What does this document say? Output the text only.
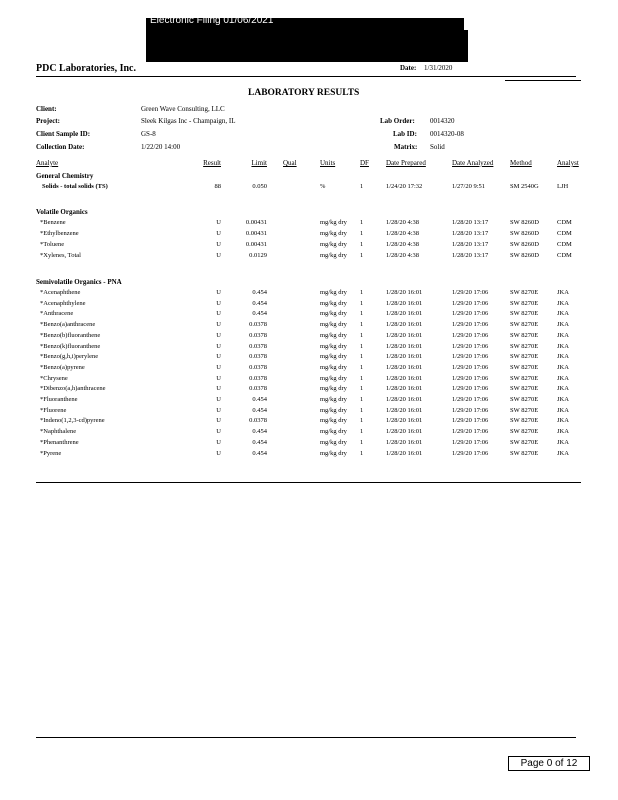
Electronic Filing 01/06/2021
PDC Laboratories, Inc.	Date: 1/31/2020
LABORATORY RESULTS
Client:	Green Wave Consulting, LLC
Project:	Sleek Kilgas Inc - Champaign, IL
Client Sample ID:	GS-8
Collection Date:	1/22/20 14:00
Lab Order: 0014320
Lab ID: 0014320-08
Matrix: Solid
Analyte	Result	Limit Qual	Units	DF Date Prepared	Date Analyzed Method	Analyst
General Chemistry
Solids - total solids (TS)	88	0.050	%	1	1/24/20 17:32	1/27/20 9:51	SM 2540G	LJH
Volatile Organics
*Benzene	U	0.00431	mg/kg dry 1	1/28/20 4:38	1/28/20 13:17	SW 8260D	CDM
*Ethylbenzene	U	0.00431	mg/kg dry 1	1/28/20 4:38	1/28/20 13:17	SW 8260D	CDM
*Toluene	U	0.00431	mg/kg dry 1	1/28/20 4:38	1/28/20 13:17	SW 8260D	CDM
*Xylenes, Total	U	0.0129	mg/kg dry 1	1/28/20 4:38	1/28/20 13:17	SW 8260D	CDM
Semivolatile Organics - PNA
*Acenaphthene	U	0.454	mg/kg dry 1	1/28/20 16:01	1/29/20 17:06	SW 8270E	JKA
*Acenaphthylene	U	0.454	mg/kg dry 1	1/28/20 16:01	1/29/20 17:06	SW 8270E	JKA
*Anthracene	U	0.454	mg/kg dry 1	1/28/20 16:01	1/29/20 17:06	SW 8270E	JKA
*Benzo(a)anthracene	U	0.0378	mg/kg dry 1	1/28/20 16:01	1/29/20 17:06	SW 8270E	JKA
*Benzo(b)fluoranthene	U	0.0378	mg/kg dry 1	1/28/20 16:01	1/29/20 17:06	SW 8270E	JKA
*Benzo(k)fluoranthene	U	0.0378	mg/kg dry 1	1/28/20 16:01	1/29/20 17:06	SW 8270E	JKA
*Benzo(g,h,i)perylene	U	0.0378	mg/kg dry 1	1/28/20 16:01	1/29/20 17:06	SW 8270E	JKA
*Benzo(a)pyrene	U	0.0378	mg/kg dry 1	1/28/20 16:01	1/29/20 17:06	SW 8270E	JKA
*Chrysene	U	0.0378	mg/kg dry 1	1/28/20 16:01	1/29/20 17:06	SW 8270E	JKA
*Dibenzo(a,h)anthracene	U	0.0378	mg/kg dry 1	1/28/20 16:01	1/29/20 17:06	SW 8270E	JKA
*Fluoranthene	U	0.454	mg/kg dry 1	1/28/20 16:01	1/29/20 17:06	SW 8270E	JKA
*Fluorene	U	0.454	mg/kg dry 1	1/28/20 16:01	1/29/20 17:06	SW 8270E	JKA
*Indeno(1,2,3-cd)pyrene	U	0.0378	mg/kg dry 1	1/28/20 16:01	1/29/20 17:06	SW 8270E	JKA
*Naphthalene	U	0.454	mg/kg dry 1	1/28/20 16:01	1/29/20 17:06	SW 8270E	JKA
*Phenanthrene	U	0.454	mg/kg dry 1	1/28/20 16:01	1/29/20 17:06	SW 8270E	JKA
*Pyrene	U	0.454	mg/kg dry 1	1/28/20 16:01	1/29/20 17:06	SW 8270E	JKA
Page 0 of 12
